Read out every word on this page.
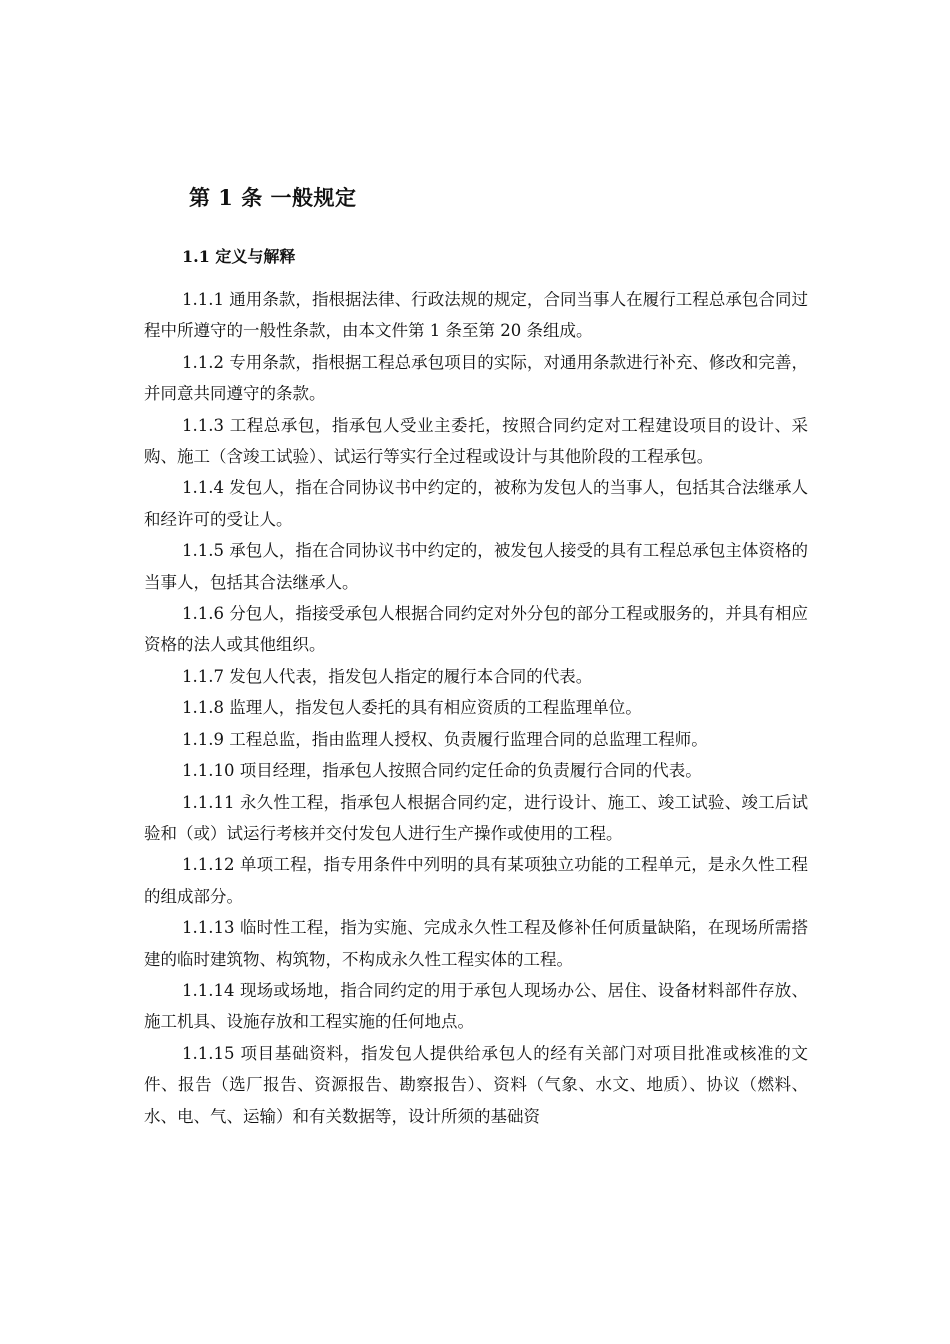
第 1 条 一般规定
1.1 定义与解释

1.1.1 通用条款，指根据法律、行政法规的规定，合同当事人在履行工程总承包合同过程中所遵守的一般性条款，由本文件第 1 条至第 20 条组成。

1.1.2 专用条款，指根据工程总承包项目的实际，对通用条款进行补充、修改和完善，并同意共同遵守的条款。

1.1.3 工程总承包，指承包人受业主委托，按照合同约定对工程建设项目的设计、采购、施工（含竣工试验）、试运行等实行全过程或设计与其他阶段的工程承包。

1.1.4 发包人，指在合同协议书中约定的，被称为发包人的当事人，包括其合法继承人和经许可的受让人。

1.1.5 承包人，指在合同协议书中约定的，被发包人接受的具有工程总承包主体资格的当事人，包括其合法继承人。

1.1.6 分包人，指接受承包人根据合同约定对外分包的部分工程或服务的，并具有相应资格的法人或其他组织。

1.1.7 发包人代表，指发包人指定的履行本合同的代表。

1.1.8 监理人，指发包人委托的具有相应资质的工程监理单位。

1.1.9 工程总监，指由监理人授权、负责履行监理合同的总监理工程师。

1.1.10 项目经理，指承包人按照合同约定任命的负责履行合同的代表。

1.1.11 永久性工程，指承包人根据合同约定，进行设计、施工、竣工试验、竣工后试验和（或）试运行考核并交付发包人进行生产操作或使用的工程。

1.1.12 单项工程，指专用条件中列明的具有某项独立功能的工程单元，是永久性工程的组成部分。

1.1.13 临时性工程，指为实施、完成永久性工程及修补任何质量缺陷，在现场所需搭建的临时建筑物、构筑物，不构成永久性工程实体的工程。

1.1.14 现场或场地，指合同约定的用于承包人现场办公、居住、设备材料部件存放、施工机具、设施存放和工程实施的任何地点。

1.1.15 项目基础资料，指发包人提供给承包人的经有关部门对项目批准或核准的文件、报告（选厂报告、资源报告、勘察报告）、资料（气象、水文、地质）、协议（燃料、水、电、气、运输）和有关数据等，设计所须的基础资
